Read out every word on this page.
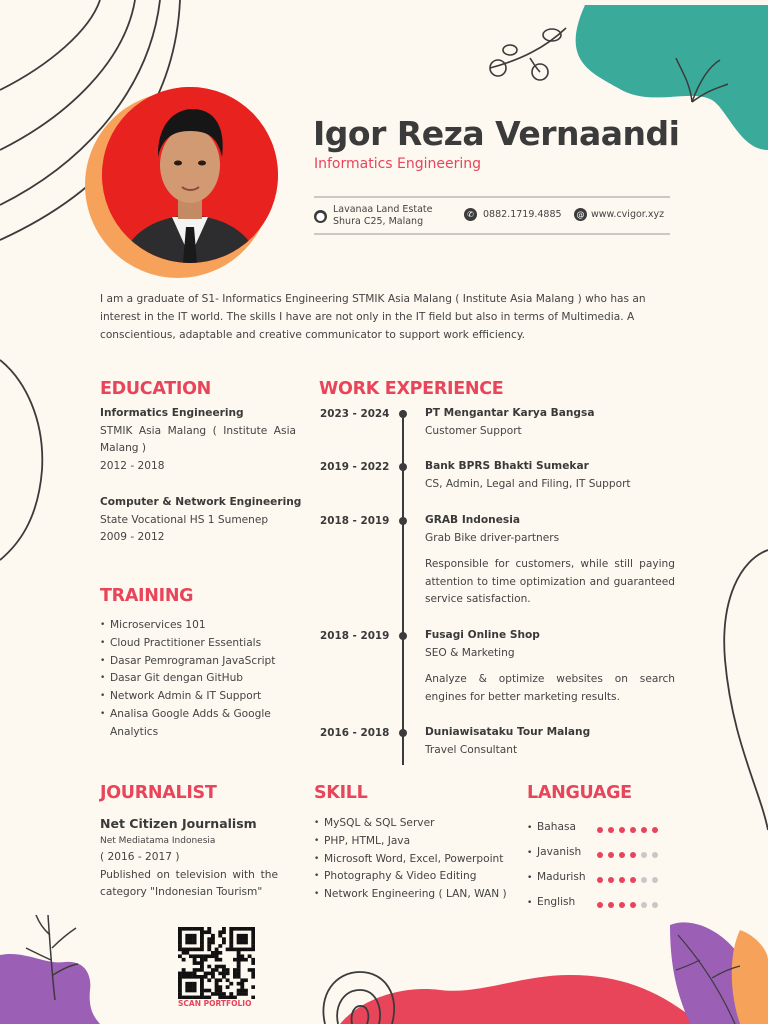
Igor Reza Vernaandi
Informatics Engineering
⬤
Lavanaa Land Estate
Shura C25, Malang
✆ 0882.1719.4885	@ www.cvigor.xyz
I am a graduate of S1- Informatics Engineering STMIK Asia Malang ( Institute Asia Malang ) who has an interest in the IT world. The skills I have are not only in the IT field but also in terms of Multimedia. A conscientious, adaptable and creative communicator to support work efficiency.
EDUCATION
Informatics Engineering
STMIK Asia Malang ( Institute Asia Malang )
2012 - 2018
Computer & Network Engineering
State Vocational HS 1 Sumenep
2009 - 2012
TRAINING
• Microservices 101
• Cloud Practitioner Essentials
• Dasar Pemrograman JavaScript
• Dasar Git dengan GitHub
• Network Admin & IT Support
• Analisa Google Adds & Google Analytics
WORK EXPERIENCE
2023 - 2024	PT Mengantar Karya Bangsa
Customer Support
2019 - 2022	Bank BPRS Bhakti Sumekar
CS, Admin, Legal and Filing, IT Support
2018 - 2019	GRAB Indonesia
Grab Bike driver-partners
Responsible for customers, while still paying attention to time optimization and guaranteed service satisfaction.
2018 - 2019	Fusagi Online Shop
SEO & Marketing
Analyze & optimize websites on search engines for better marketing results.
2016 - 2018	Duniawisataku Tour Malang
Travel Consultant
JOURNALIST
Net Citizen Journalism
Net Mediatama Indonesia
( 2016 - 2017 )
Published on television with the category "Indonesian Tourism"
SKILL
• MySQL & SQL Server
• PHP, HTML, Java
• Microsoft Word, Excel, Powerpoint
• Photography & Video Editing
• Network Engineering ( LAN, WAN )
LANGUAGE
• Bahasa
• Javanish
• Madurish
• English
SCAN PORTFOLIO
